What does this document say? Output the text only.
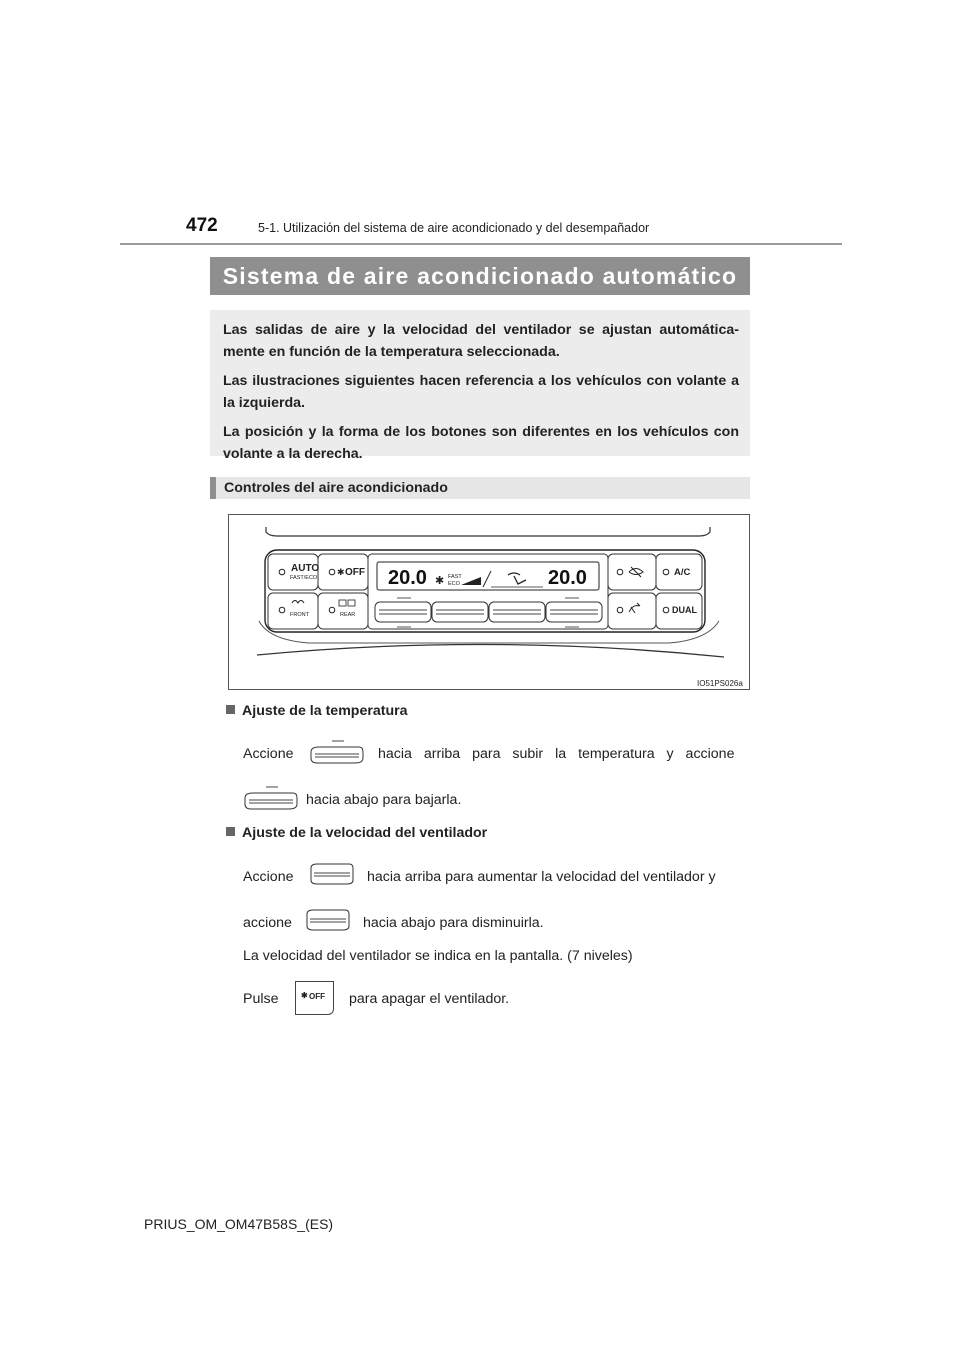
472	5-1. Utilización del sistema de aire acondicionado y del desempañador
Sistema de aire acondicionado automático

Las salidas de aire y la velocidad del ventilador se ajustan automática-mente en función de la temperatura seleccionada.

Las ilustraciones siguientes hacen referencia a los vehículos con volante a la izquierda.

La posición y la forma de los botones son diferentes en los vehículos con volante a la derecha.

Controles del aire acondicionado
AUTO
FAST/ECO	OFF
✱
FRONT	REAR
20.0	20.0
✱ FAST
ECO
A/C
DUAL
IO51PS026a
Ajuste de la temperatura
Accione	hacia arriba para subir la temperatura y accione
hacia abajo para bajarla.
Ajuste de la velocidad del ventilador
Accione	hacia arriba para aumentar la velocidad del ventilador y
accione	hacia abajo para disminuirla.
La velocidad del ventilador se indica en la pantalla. (7 niveles)
Pulse	✱ OFF para apagar el ventilador.
PRIUS_OM_OM47B58S_(ES)
